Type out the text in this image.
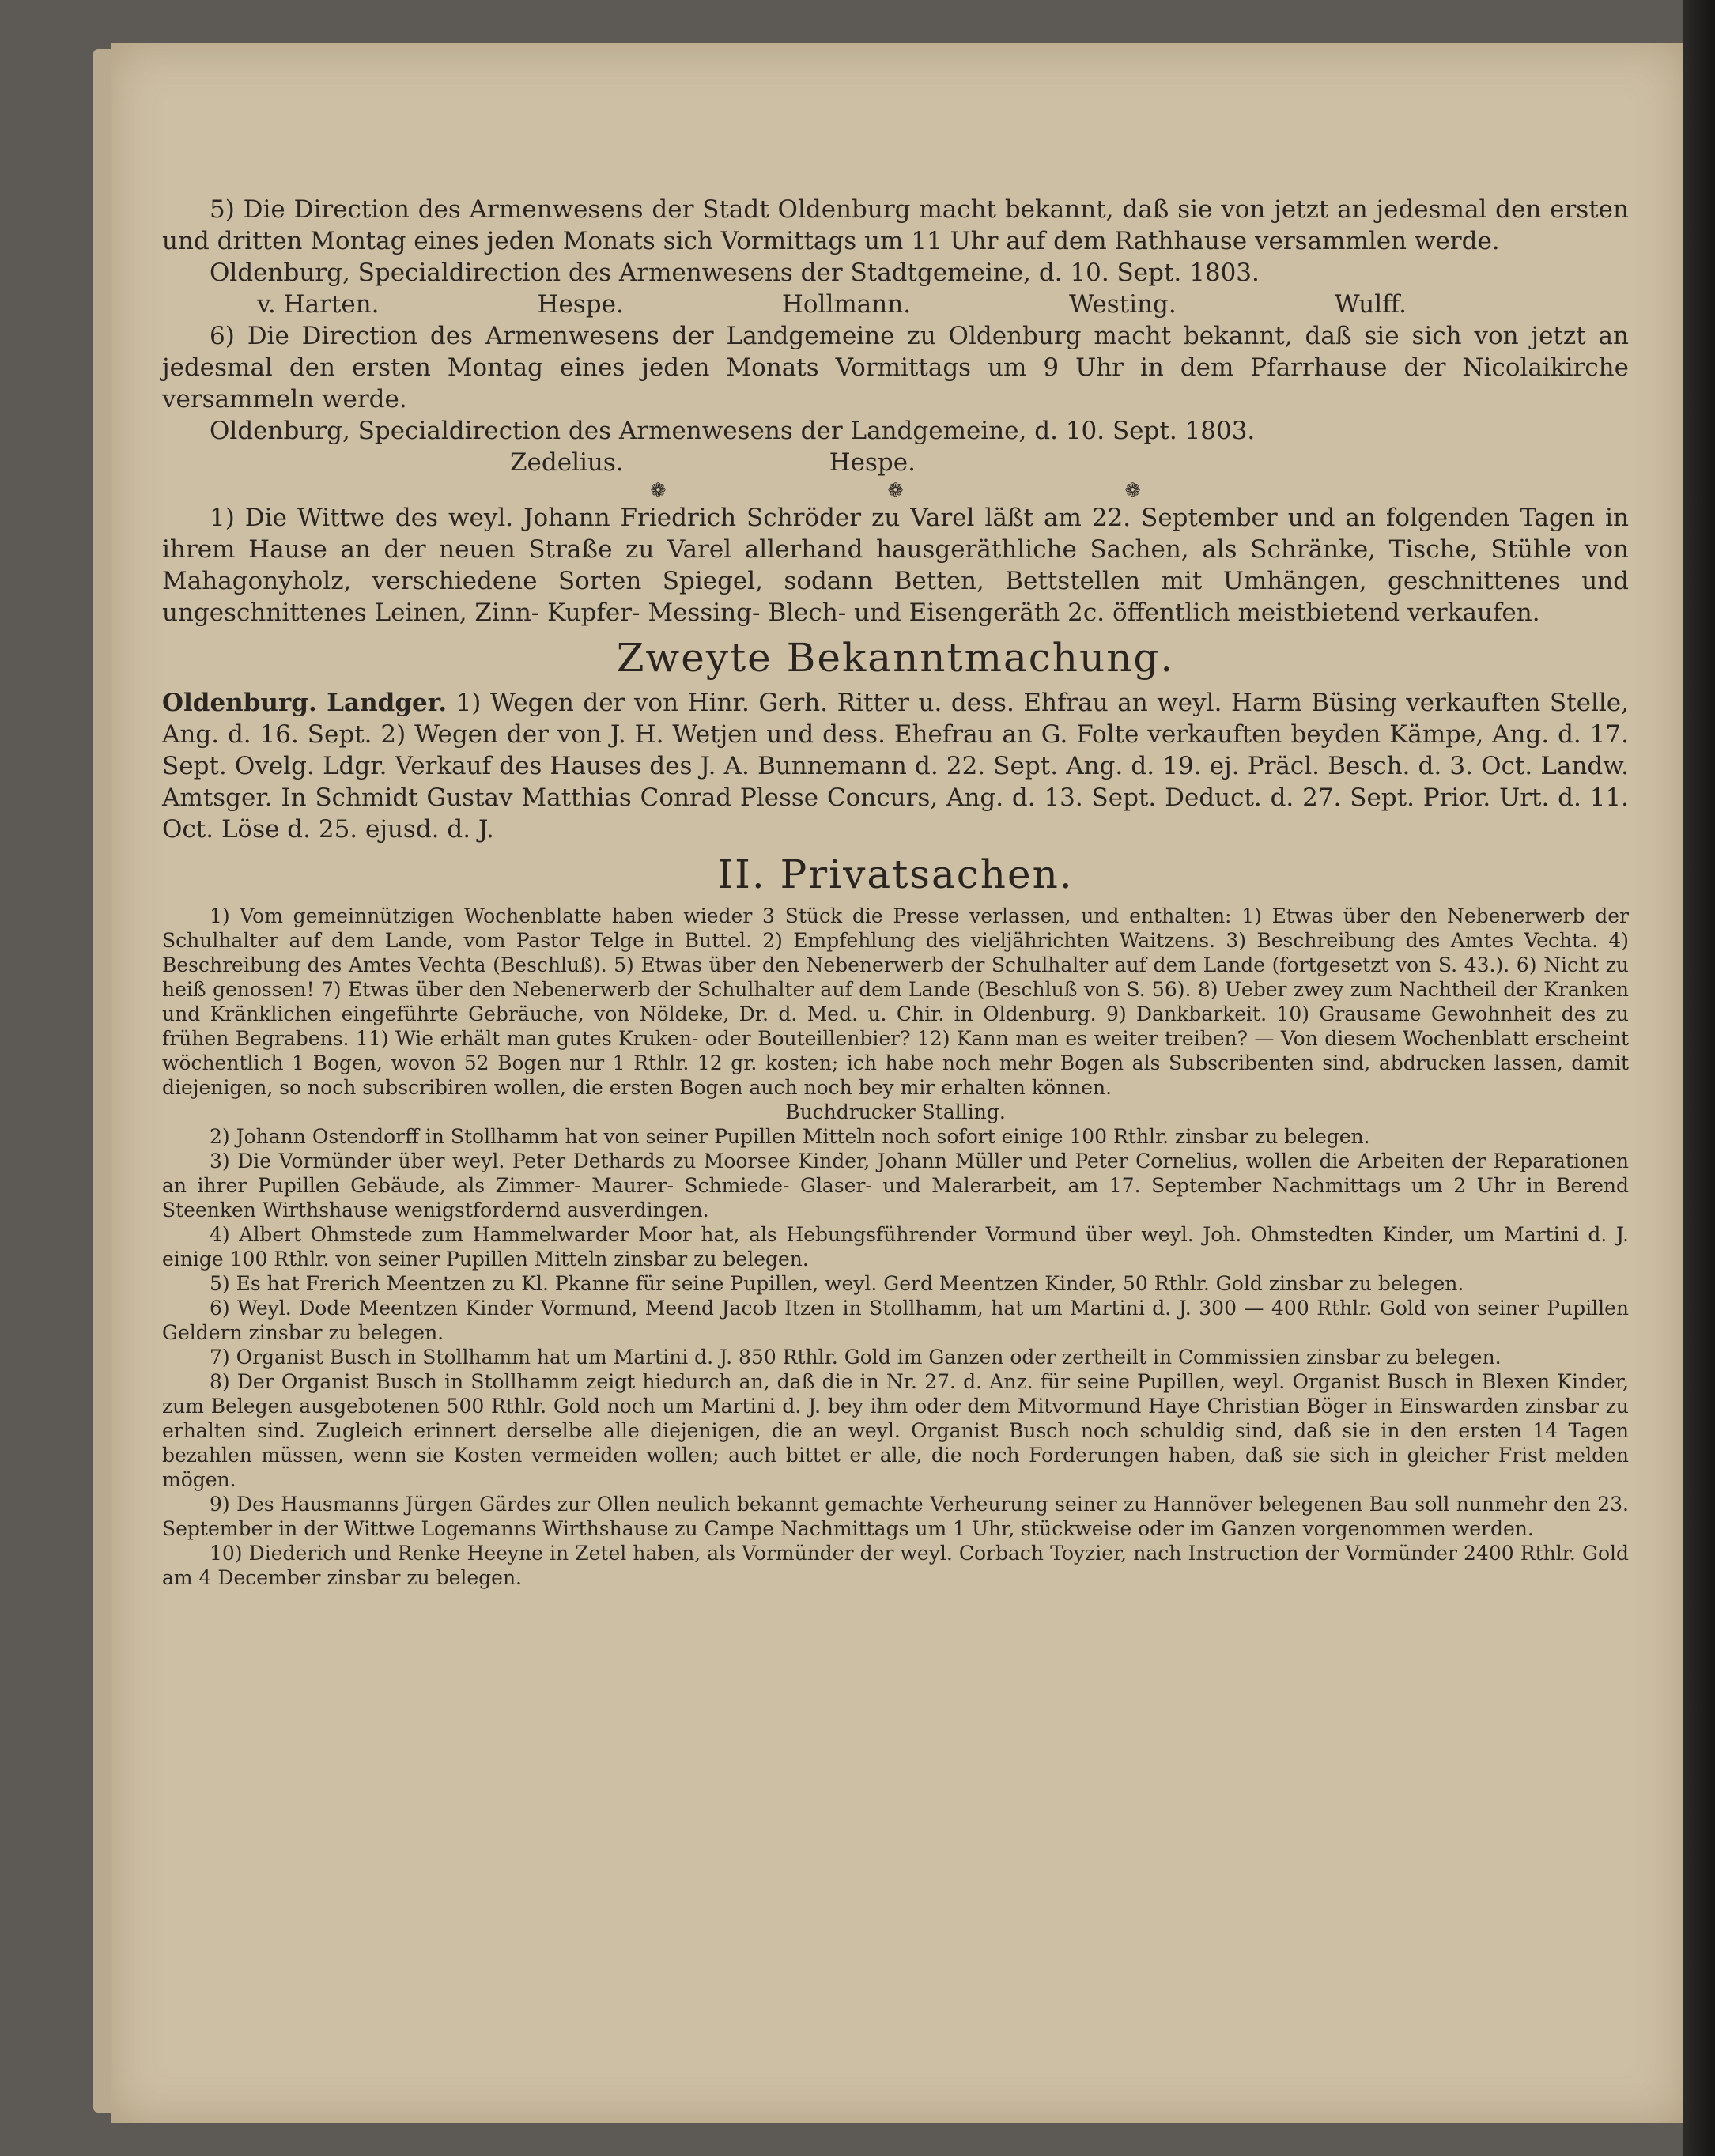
5) Die Direction des Armenwesens der Stadt Oldenburg macht bekannt, daß sie von jetzt an jedesmal den ersten und dritten Montag eines jeden Monats sich Vormittags um 11 Uhr auf dem Rathhause versammlen werde.

Oldenburg, Specialdirection des Armenwesens der Stadtgemeine, d. 10. Sept. 1803.

v. Harten.	Hespe.	Hollmann.	Westing.	Wulff.

6) Die Direction des Armenwesens der Landgemeine zu Oldenburg macht bekannt, daß sie sich von jetzt an jedesmal den ersten Montag eines jeden Monats Vormittags um 9 Uhr in dem Pfarrhause der Nicolaikirche versammeln werde.

Oldenburg, Specialdirection des Armenwesens der Landgemeine, d. 10. Sept. 1803.

Zedelius.	Hespe.
❁	❁	❁

1) Die Wittwe des weyl. Johann Friedrich Schröder zu Varel läßt am 22. September und an folgenden Tagen in ihrem Hause an der neuen Straße zu Varel allerhand hausgeräthliche Sachen, als Schränke, Tische, Stühle von Mahagonyholz, verschiedene Sorten Spiegel, sodann Betten, Bettstellen mit Umhängen, geschnittenes und ungeschnittenes Leinen, Zinn- Kupfer- Messing- Blech- und Eisengeräth 2c. öffentlich meistbietend verkaufen.

Zweyte Bekanntmachung.

Oldenburg. Landger. 1) Wegen der von Hinr. Gerh. Ritter u. dess. Ehfrau an weyl. Harm Büsing verkauften Stelle, Ang. d. 16. Sept. 2) Wegen der von J. H. Wetjen und dess. Ehefrau an G. Folte verkauften beyden Kämpe, Ang. d. 17. Sept. Ovelg. Ldgr. Verkauf des Hauses des J. A. Bunnemann d. 22. Sept. Ang. d. 19. ej. Präcl. Besch. d. 3. Oct. Landw. Amtsger. In Schmidt Gustav Matthias Conrad Plesse Concurs, Ang. d. 13. Sept. Deduct. d. 27. Sept. Prior. Urt. d. 11. Oct. Löse d. 25. ejusd. d. J.

II. Privatsachen.

1) Vom gemeinnützigen Wochenblatte haben wieder 3 Stück die Presse verlassen, und enthalten: 1) Etwas über den Nebenerwerb der Schulhalter auf dem Lande, vom Pastor Telge in Buttel. 2) Empfehlung des vieljährichten Waitzens. 3) Beschreibung des Amtes Vechta. 4) Beschreibung des Amtes Vechta (Beschluß). 5) Etwas über den Nebenerwerb der Schulhalter auf dem Lande (fortgesetzt von S. 43.). 6) Nicht zu heiß genossen! 7) Etwas über den Nebenerwerb der Schulhalter auf dem Lande (Beschluß von S. 56). 8) Ueber zwey zum Nachtheil der Kranken und Kränklichen eingeführte Gebräuche, von Nöldeke, Dr. d. Med. u. Chir. in Oldenburg. 9) Dankbarkeit. 10) Grausame Gewohnheit des zu frühen Begrabens. 11) Wie erhält man gutes Kruken- oder Bouteillenbier? 12) Kann man es weiter treiben? — Von diesem Wochenblatt erscheint wöchentlich 1 Bogen, wovon 52 Bogen nur 1 Rthlr. 12 gr. kosten; ich habe noch mehr Bogen als Subscribenten sind, abdrucken lassen, damit diejenigen, so noch subscribiren wollen, die ersten Bogen auch noch bey mir erhalten können.

Buchdrucker Stalling.

2) Johann Ostendorff in Stollhamm hat von seiner Pupillen Mitteln noch sofort einige 100 Rthlr. zinsbar zu belegen.

3) Die Vormünder über weyl. Peter Dethards zu Moorsee Kinder, Johann Müller und Peter Cornelius, wollen die Arbeiten der Reparationen an ihrer Pupillen Gebäude, als Zimmer- Maurer- Schmiede- Glaser- und Malerarbeit, am 17. September Nachmittags um 2 Uhr in Berend Steenken Wirthshause wenigstfordernd ausverdingen.

4) Albert Ohmstede zum Hammelwarder Moor hat, als Hebungsführender Vormund über weyl. Joh. Ohmstedten Kinder, um Martini d. J. einige 100 Rthlr. von seiner Pupillen Mitteln zinsbar zu belegen.

5) Es hat Frerich Meentzen zu Kl. Pkanne für seine Pupillen, weyl. Gerd Meentzen Kinder, 50 Rthlr. Gold zinsbar zu belegen.

6) Weyl. Dode Meentzen Kinder Vormund, Meend Jacob Itzen in Stollhamm, hat um Martini d. J. 300 — 400 Rthlr. Gold von seiner Pupillen Geldern zinsbar zu belegen.

7) Organist Busch in Stollhamm hat um Martini d. J. 850 Rthlr. Gold im Ganzen oder zertheilt in Commissien zinsbar zu belegen.

8) Der Organist Busch in Stollhamm zeigt hiedurch an, daß die in Nr. 27. d. Anz. für seine Pupillen, weyl. Organist Busch in Blexen Kinder, zum Belegen ausgebotenen 500 Rthlr. Gold noch um Martini d. J. bey ihm oder dem Mitvormund Haye Christian Böger in Einswarden zinsbar zu erhalten sind. Zugleich erinnert derselbe alle diejenigen, die an weyl. Organist Busch noch schuldig sind, daß sie in den ersten 14 Tagen bezahlen müssen, wenn sie Kosten vermeiden wollen; auch bittet er alle, die noch Forderungen haben, daß sie sich in gleicher Frist melden mögen.

9) Des Hausmanns Jürgen Gärdes zur Ollen neulich bekannt gemachte Verheurung seiner zu Hannöver belegenen Bau soll nunmehr den 23. September in der Wittwe Logemanns Wirthshause zu Campe Nachmittags um 1 Uhr, stückweise oder im Ganzen vorgenommen werden.

10) Diederich und Renke Heeyne in Zetel haben, als Vormünder der weyl. Corbach Toyzier, nach Instruction der Vormünder 2400 Rthlr. Gold am 4 December zinsbar zu belegen.
